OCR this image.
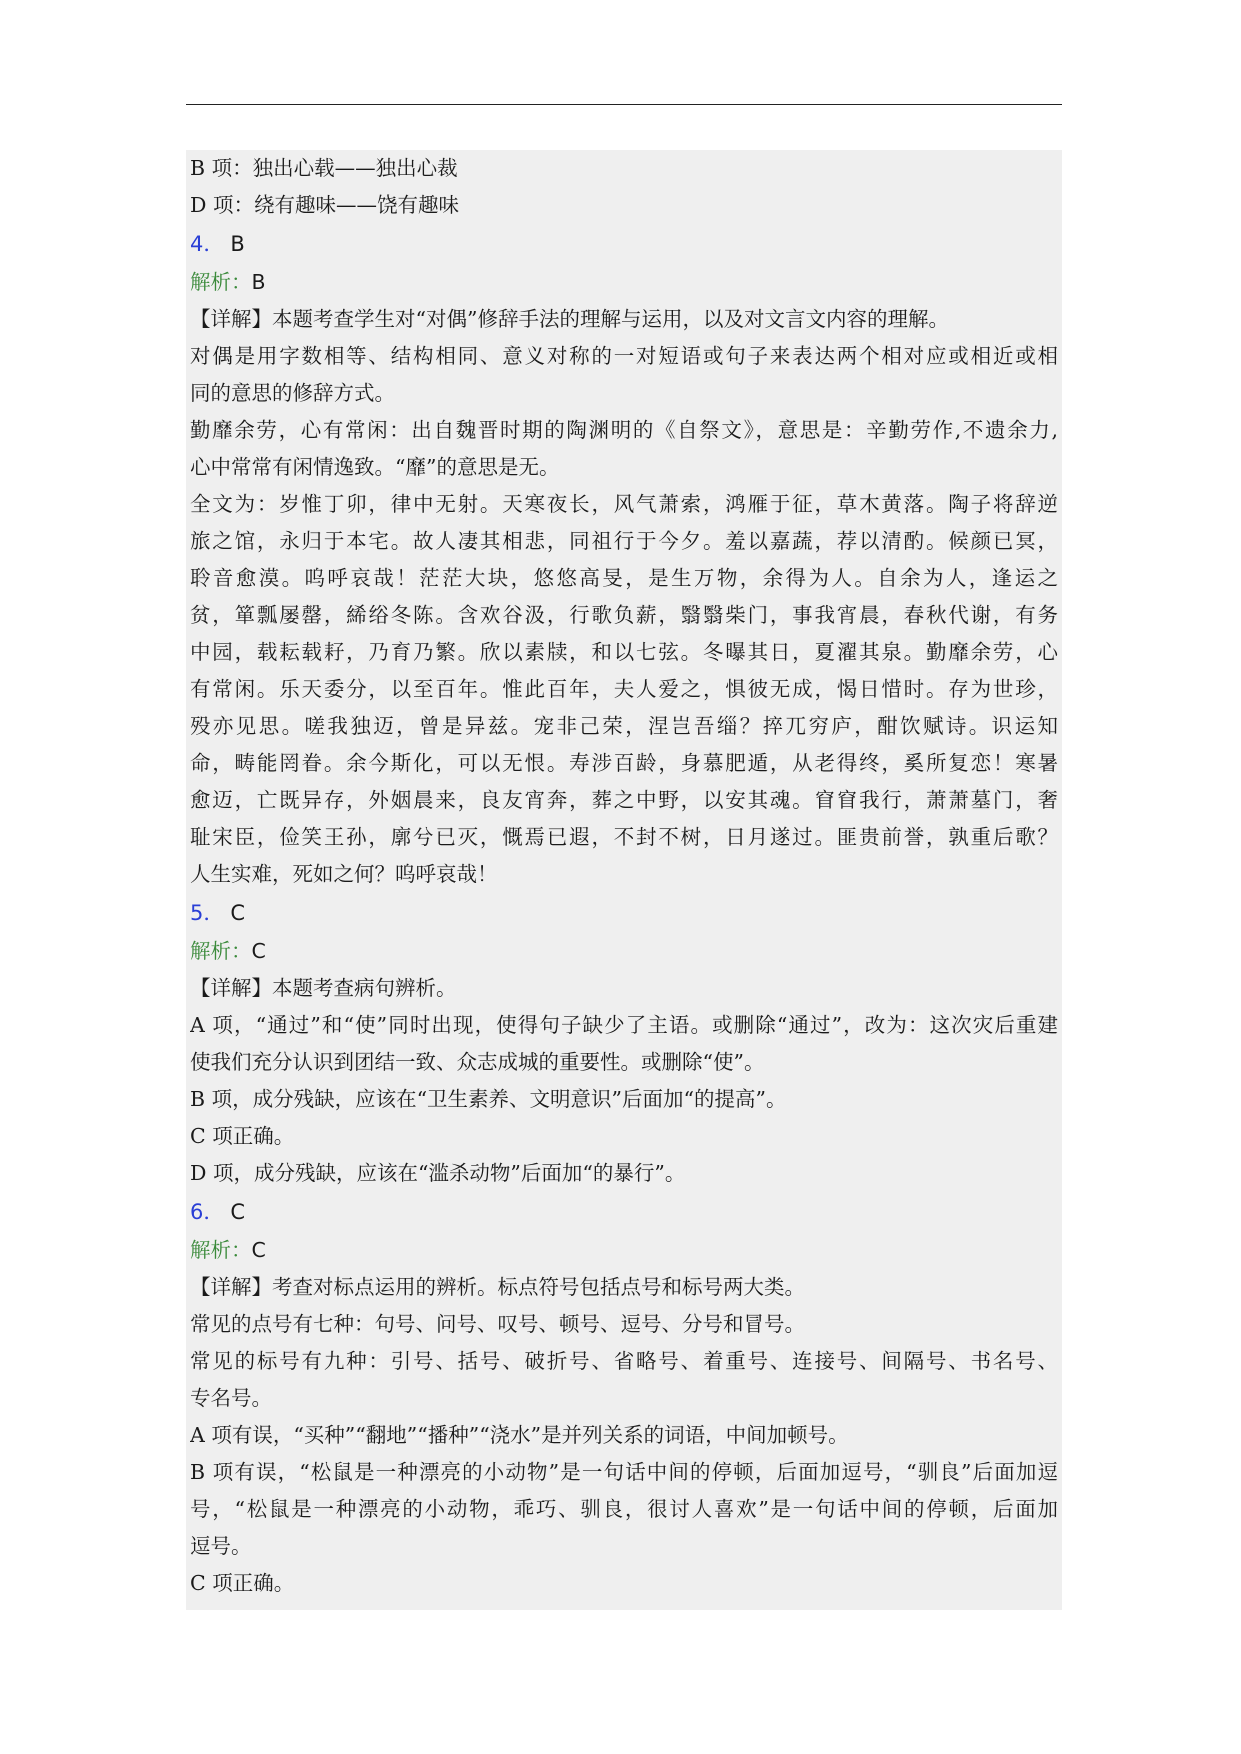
B 项：独出心载——独出心裁
D 项：绕有趣味——饶有趣味
4． B
解析：B
【详解】本题考查学生对“对偶”修辞手法的理解与运用，以及对文言文内容的理解。
对偶是用字数相等、结构相同、意义对称的一对短语或句子来表达两个相对应或相近或相
同的意思的修辞方式。
勤靡余劳，心有常闲：出自魏晋时期的陶渊明的《自祭文》，意思是：辛勤劳作,不遗余力,
心中常常有闲情逸致。“靡”的意思是无。
全文为：岁惟丁卯，律中无射。天寒夜长，风气萧索，鸿雁于征，草木黄落。陶子将辞逆
旅之馆，永归于本宅。故人凄其相悲，同祖行于今夕。羞以嘉蔬，荐以清酌。候颜已冥，
聆音愈漠。呜呼哀哉！茫茫大块，悠悠高旻，是生万物，余得为人。自余为人，逢运之
贫，箪瓢屡罄，絺绤冬陈。含欢谷汲，行歌负薪，翳翳柴门，事我宵晨，春秋代谢，有务
中园，载耘载耔，乃育乃繁。欣以素牍，和以七弦。冬曝其日，夏濯其泉。勤靡余劳，心
有常闲。乐天委分，以至百年。惟此百年，夫人爱之，惧彼无成，愒日惜时。存为世珍，
殁亦见思。嗟我独迈，曾是异兹。宠非己荣，涅岂吾缁？捽兀穷庐，酣饮赋诗。识运知
命，畴能罔眷。余今斯化，可以无恨。寿涉百龄，身慕肥遁，从老得终，奚所复恋！寒暑
愈迈，亡既异存，外姻晨来，良友宵奔，葬之中野，以安其魂。窅窅我行，萧萧墓门，奢
耻宋臣，俭笑王孙，廓兮已灭，慨焉已遐，不封不树，日月遂过。匪贵前誉，孰重后歌？
人生实难，死如之何？呜呼哀哉！
5． C
解析：C
【详解】本题考查病句辨析。
A 项，“通过”和“使”同时出现，使得句子缺少了主语。或删除“通过”，改为：这次灾后重建
使我们充分认识到团结一致、众志成城的重要性。或删除“使”。
B 项，成分残缺，应该在“卫生素养、文明意识”后面加“的提高”。
C 项正确。
D 项，成分残缺，应该在“滥杀动物”后面加“的暴行”。
6． C
解析：C
【详解】考查对标点运用的辨析。标点符号包括点号和标号两大类。
常见的点号有七种：句号、问号、叹号、顿号、逗号、分号和冒号。
常见的标号有九种：引号、括号、破折号、省略号、着重号、连接号、间隔号、书名号、
专名号。
A 项有误，“买种”“翻地”“播种”“浇水”是并列关系的词语，中间加顿号。
B 项有误，“松鼠是一种漂亮的小动物”是一句话中间的停顿，后面加逗号，“驯良”后面加逗
号，“松鼠是一种漂亮的小动物，乖巧、驯良，很讨人喜欢”是一句话中间的停顿，后面加
逗号。
C 项正确。
